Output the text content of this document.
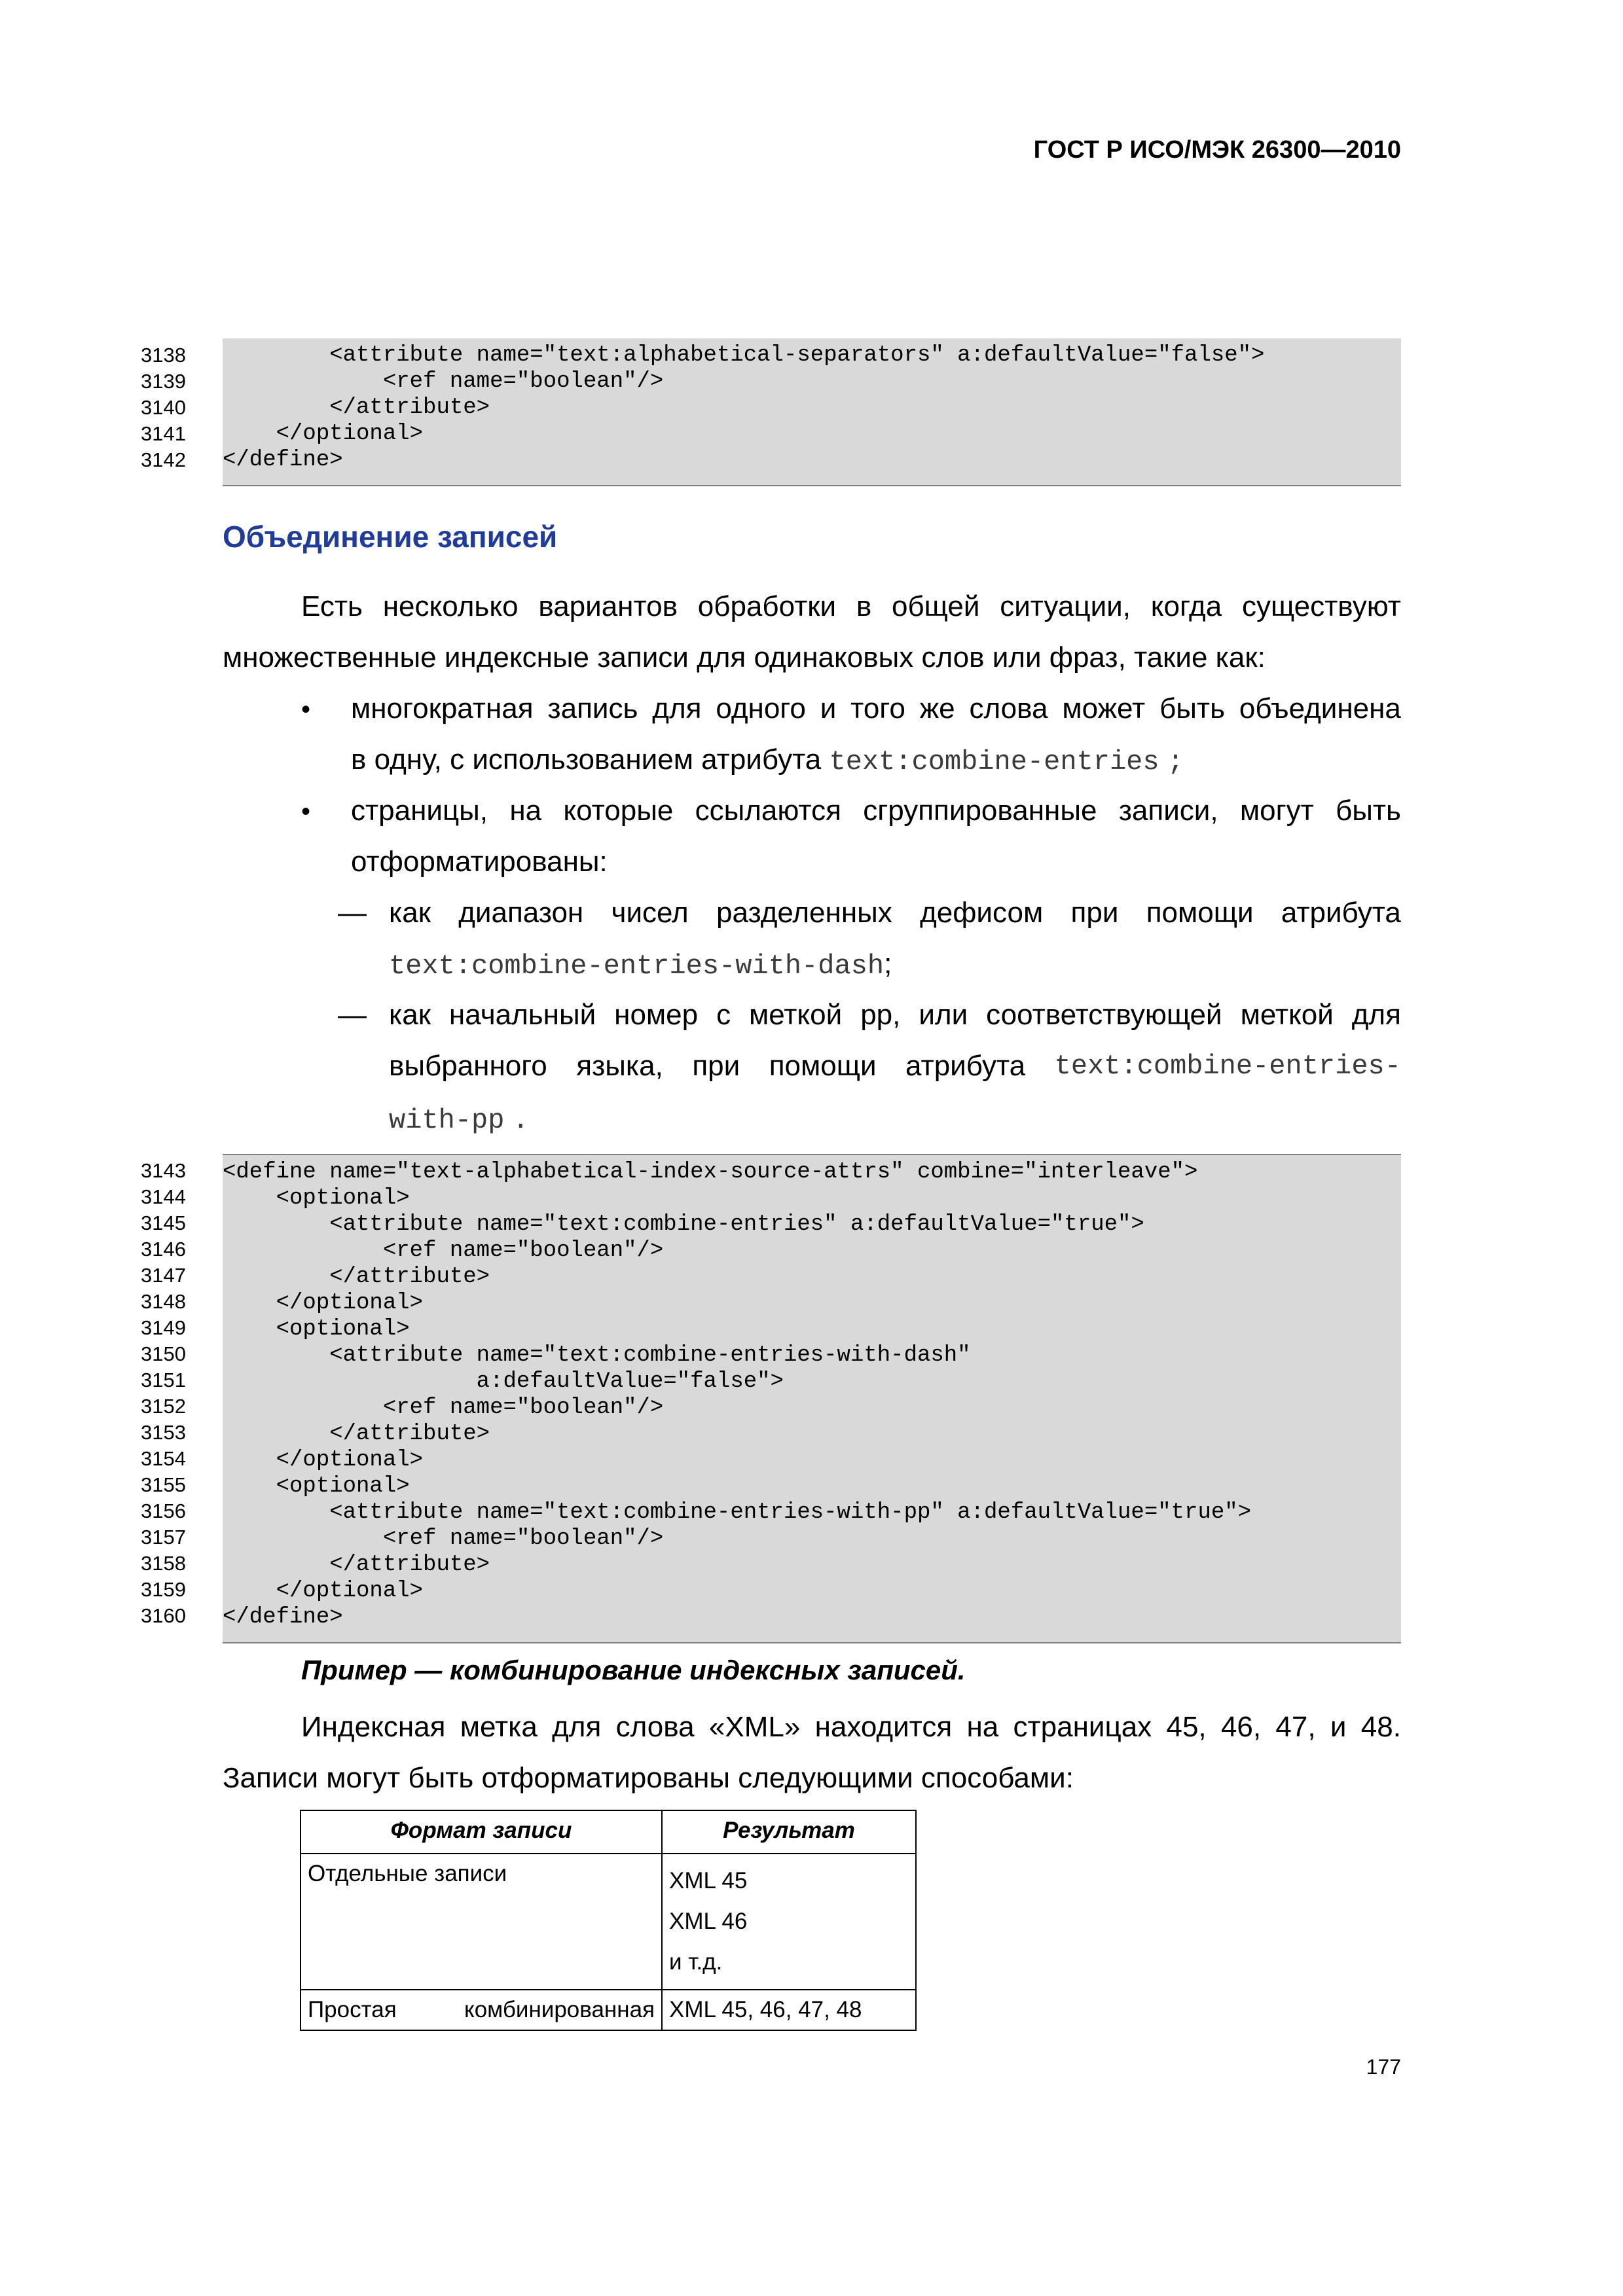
ГОСТ Р ИСО/МЭК 26300—2010
<attribute name="text:alphabetical-separators" a:defaultValue="false">
<ref name="boolean"/>
</attribute>
</optional>
</define>
3138
3139
3140
3141
3142
Объединение записей
Есть несколько вариантов обработки в общей ситуации, когда существуют
множественные индексные записи для одинаковых слов или фраз, такие как:
• многократная запись для одного и того же слова может быть объединена
в одну, с использованием атрибута text:combine-entries ;
• страницы, на которые ссылаются сгруппированные записи, могут быть
отформатированы:
— как диапазон чисел разделенных дефисом при помощи атрибута
text:combine-entries-with-dash;
— как начальный номер с меткой pp, или соответствующей меткой для
выбранного языка, при помощи атрибута text:combine-entries-
with-pp .
<define name="text-alphabetical-index-source-attrs" combine="interleave">
<optional>
<attribute name="text:combine-entries" a:defaultValue="true">
<ref name="boolean"/>
</attribute>
</optional>
<optional>
<attribute name="text:combine-entries-with-dash"
a:defaultValue="false">
<ref name="boolean"/>
</attribute>
</optional>
<optional>
<attribute name="text:combine-entries-with-pp" a:defaultValue="true">
<ref name="boolean"/>
</attribute>
</optional>
</define>
3143
3144
3145
3146
3147
3148
3149
3150
3151
3152
3153
3154
3155
3156
3157
3158
3159
3160
Пример — комбинирование индексных записей.
Индексная метка для слова «XML» находится на страницах 45, 46, 47, и 48.
Записи могут быть отформатированы следующими способами:
Формат записи	Результат
Отдельные записи	XML 45
XML 46
и т.д.

Простая комбинированная	XML 45, 46, 47, 48
177
